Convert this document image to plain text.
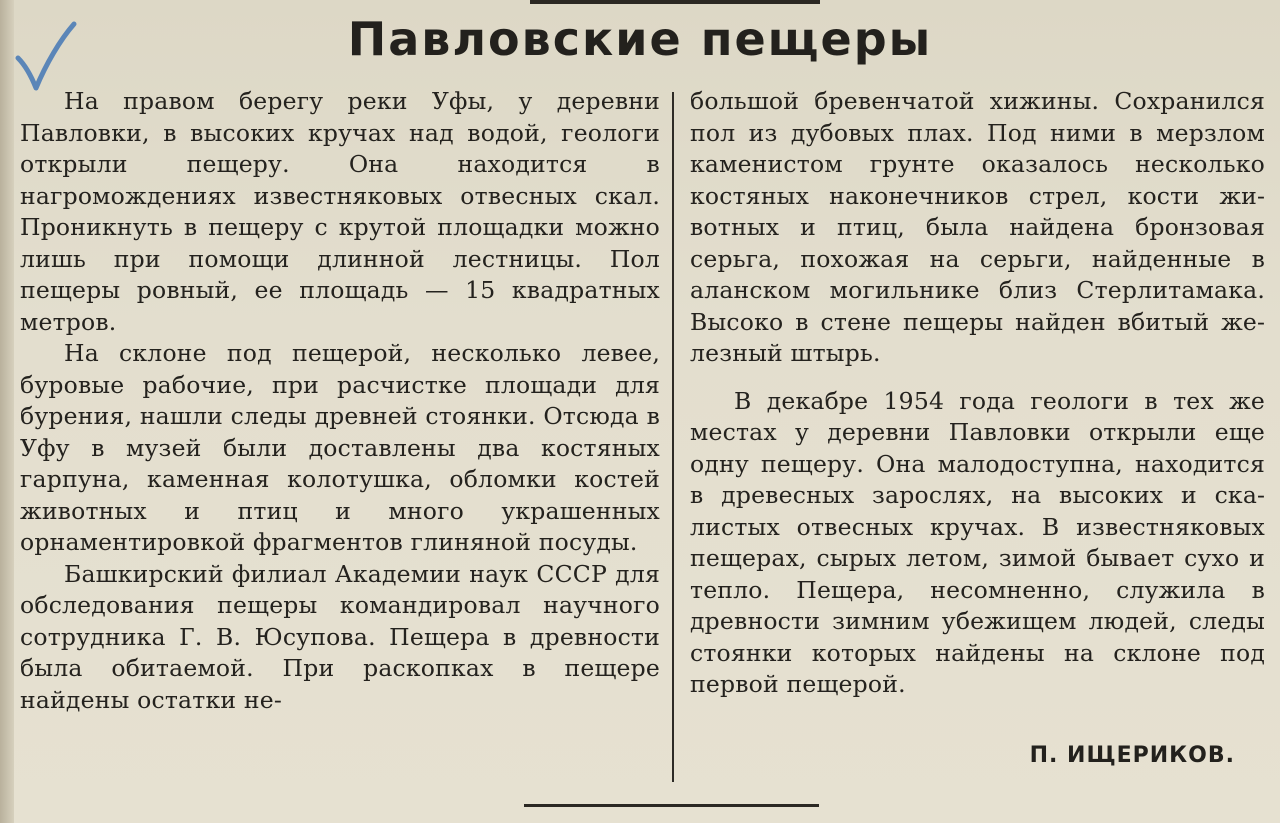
Павловские пещеры

На правом берегу реки Уфы, у деревни Павловки, в высоких кручах над водой, геологи открыли пещеру. Она находится в нагромождениях известняковых отвесных скал. Проникнуть в пещеру с крутой площадки можно лишь при помощи длинной лестницы. Пол пещеры ровный, ее площадь — 15 квадратных метров.

На склоне под пещерой, несколько левее, буровые рабочие, при расчистке площади для бурения, нашли следы древней стоянки. Отсюда в Уфу в музей были доставлены два костяных гарпуна, каменная колотушка, обломки костей животных и птиц и много украшенных орнаментировкой фрагментов глиняной посуды.

Башкирский филиал Академии наук СССР для обследования пещеры командировал научного сотрудника Г. В. Юсупова. Пещера в древности была обитаемой. При раскопках в пещере найдены остатки не-

большой бревенчатой хижины. Сохранился пол из дубовых плах. Под ними в мерзлом каменистом грунте оказалось несколько костяных наконечников стрел, кости животных и птиц, была найдена бронзовая серьга, похожая на серьги, найденные в аланском могильнике близ Стерлитамака. Высоко в стене пещеры найден вбитый железный штырь.

В декабре 1954 года геологи в тех же местах у деревни Павловки открыли еще одну пещеру. Она малодоступна, находится в древесных зарослях, на высоких и скалистых отвесных кручах. В известняковых пещерах, сырых летом, зимой бывает сухо и тепло. Пещера, несомненно, служила в древности зимним убежищем людей, следы стоянки которых найдены на склоне под первой пещерой.

П. ИЩЕРИКОВ.
